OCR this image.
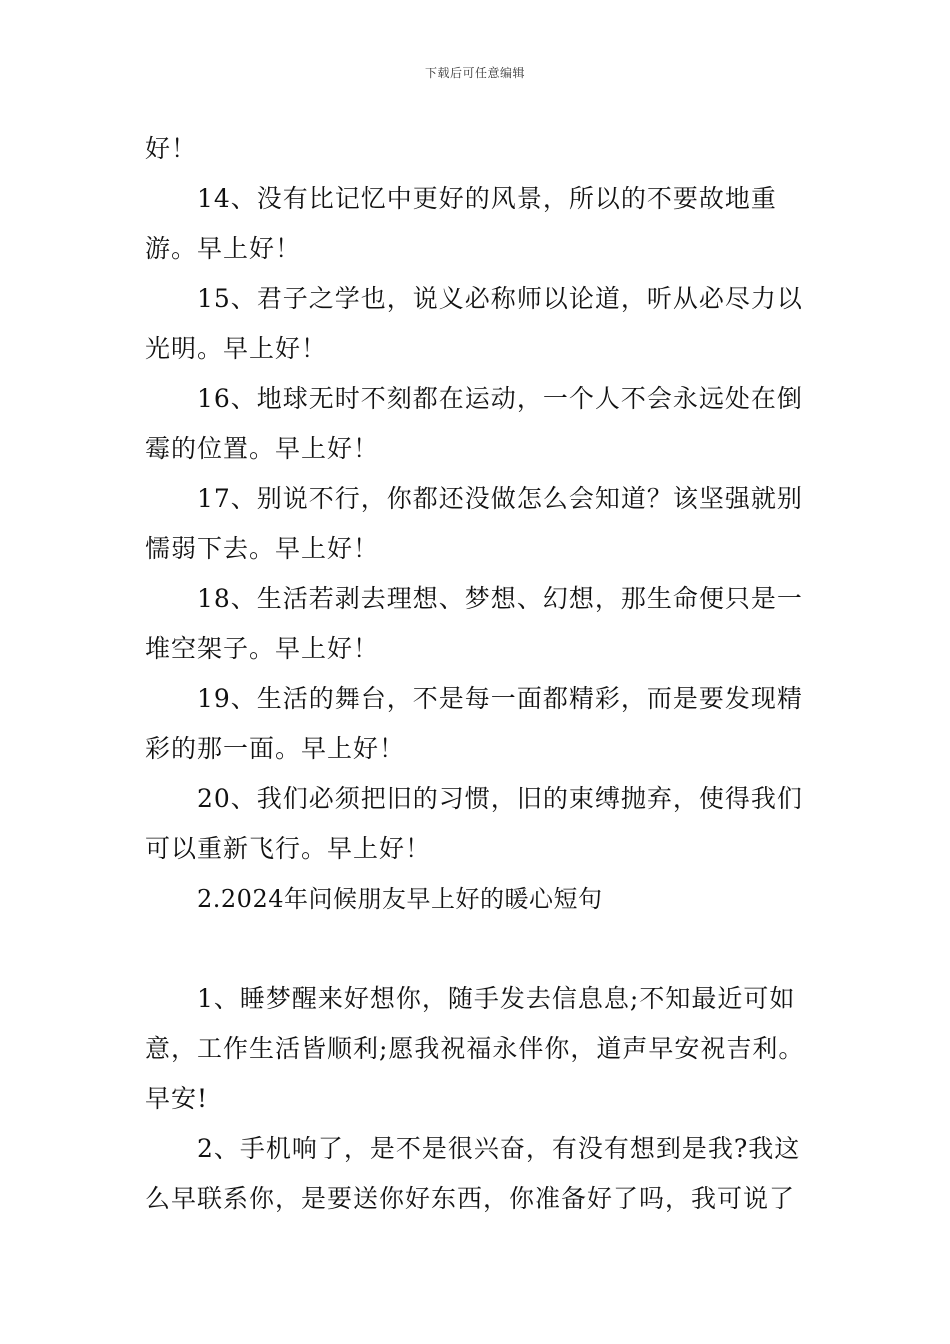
下载后可任意编辑

好！

14、没有比记忆中更好的风景，所以的不要故地重游。早上好！

15、君子之学也，说义必称师以论道，听从必尽力以光明。早上好！

16、地球无时不刻都在运动，一个人不会永远处在倒霉的位置。早上好！

17、别说不行，你都还没做怎么会知道？该坚强就别懦弱下去。早上好！

18、生活若剥去理想、梦想、幻想，那生命便只是一堆空架子。早上好！

19、生活的舞台，不是每一面都精彩，而是要发现精彩的那一面。早上好！

20、我们必须把旧的习惯，旧的束缚抛弃，使得我们可以重新飞行。早上好！

2.2024年问候朋友早上好的暖心短句

1、睡梦醒来好想你，随手发去信息息;不知最近可如意，工作生活皆顺利;愿我祝福永伴你，道声早安祝吉利。早安!

2、手机响了，是不是很兴奋，有没有想到是我?我这么早联系你，是要送你好东西，你准备好了吗，我可说了
